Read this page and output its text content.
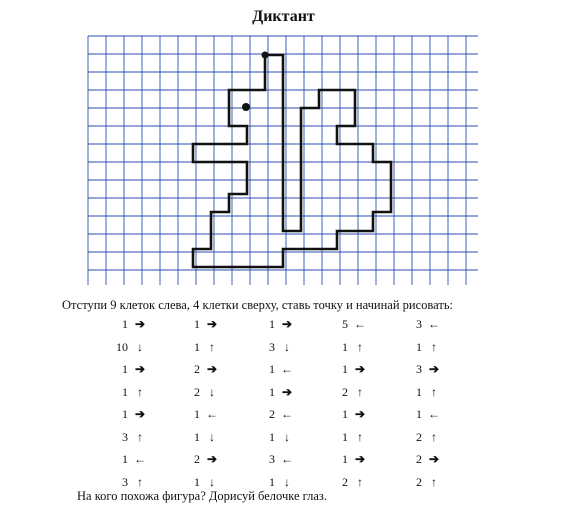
Диктант
Отступи 9 клеток слева, 4 клетки сверху, ставь точку и начинай рисовать:
1 ➔
10 ↓
1 ➔
1 ↑
1 ➔
3 ↑
1 ←
3 ↑
1 ➔
1 ↑
2 ➔
2 ↓
1 ←
1 ↓
2 ➔
1 ↓
1 ➔
3 ↓
1 ←
1 ➔
2 ←
1 ↓
3 ←
1 ↓
5 ←
1 ↑
1 ➔
2 ↑
1 ➔
1 ↑
1 ➔
2 ↑
3 ←
1 ↑
3 ➔
1 ↑
1 ←
2 ↑
2 ➔
2 ↑
На кого похожа фигура? Дорисуй белочке глаз.
